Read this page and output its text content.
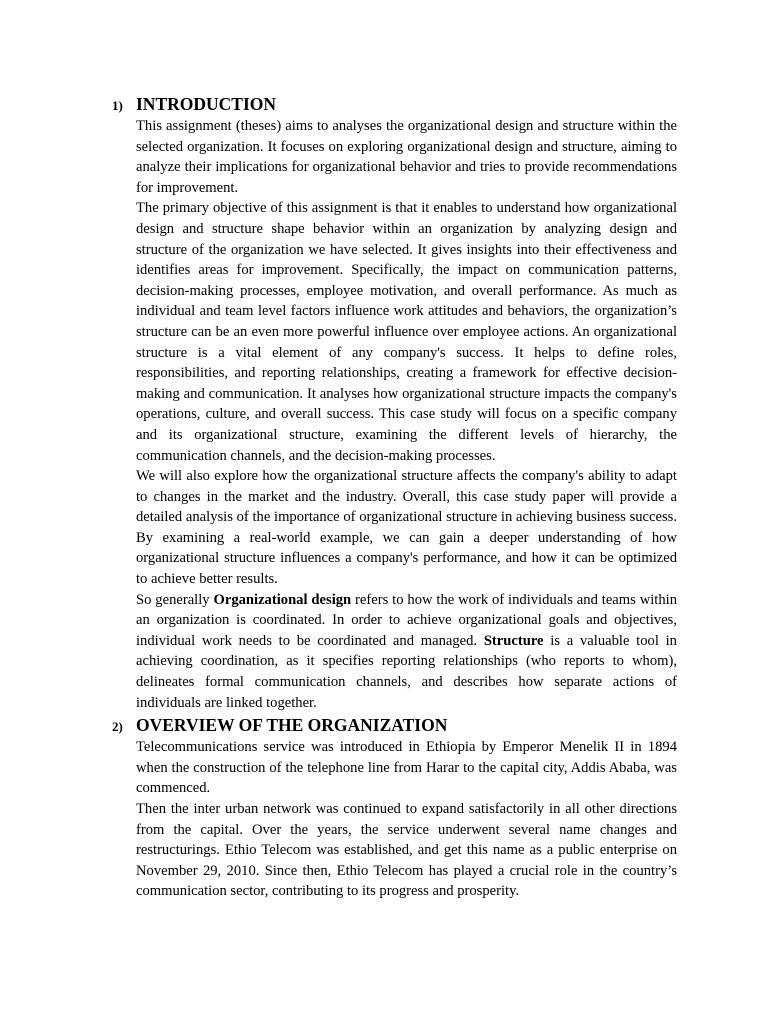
1) INTRODUCTION

This assignment (theses) aims to analyses the organizational design and structure within the selected organization. It focuses on exploring organizational design and structure, aiming to analyze their implications for organizational behavior and tries to provide recommendations for improvement.

The primary objective of this assignment is that it enables to understand how organizational design and structure shape behavior within an organization by analyzing design and structure of the organization we have selected. It gives insights into their effectiveness and identifies areas for improvement. Specifically, the impact on communication patterns, decision-making processes, employee motivation, and overall performance. As much as individual and team level factors influence work attitudes and behaviors, the organization’s structure can be an even more powerful influence over employee actions. An organizational structure is a vital element of any company's success. It helps to define roles, responsibilities, and reporting relationships, creating a framework for effective decision-making and communication. It analyses how organizational structure impacts the company's operations, culture, and overall success. This case study will focus on a specific company and its organizational structure, examining the different levels of hierarchy, the communication channels, and the decision-making processes.

We will also explore how the organizational structure affects the company's ability to adapt to changes in the market and the industry. Overall, this case study paper will provide a detailed analysis of the importance of organizational structure in achieving business success. By examining a real-world example, we can gain a deeper understanding of how organizational structure influences a company's performance, and how it can be optimized to achieve better results.

So generally Organizational design refers to how the work of individuals and teams within an organization is coordinated. In order to achieve organizational goals and objectives, individual work needs to be coordinated and managed. Structure is a valuable tool in achieving coordination, as it specifies reporting relationships (who reports to whom), delineates formal communication channels, and describes how separate actions of individuals are linked together.

2) OVERVIEW OF THE ORGANIZATION

Telecommunications service was introduced in Ethiopia by Emperor Menelik II in 1894 when the construction of the telephone line from Harar to the capital city, Addis Ababa, was commenced.

Then the inter urban network was continued to expand satisfactorily in all other directions from the capital. Over the years, the service underwent several name changes and restructurings. Ethio Telecom was established, and get this name as a public enterprise on November 29, 2010. Since then, Ethio Telecom has played a crucial role in the country’s communication sector, contributing to its progress and prosperity.
